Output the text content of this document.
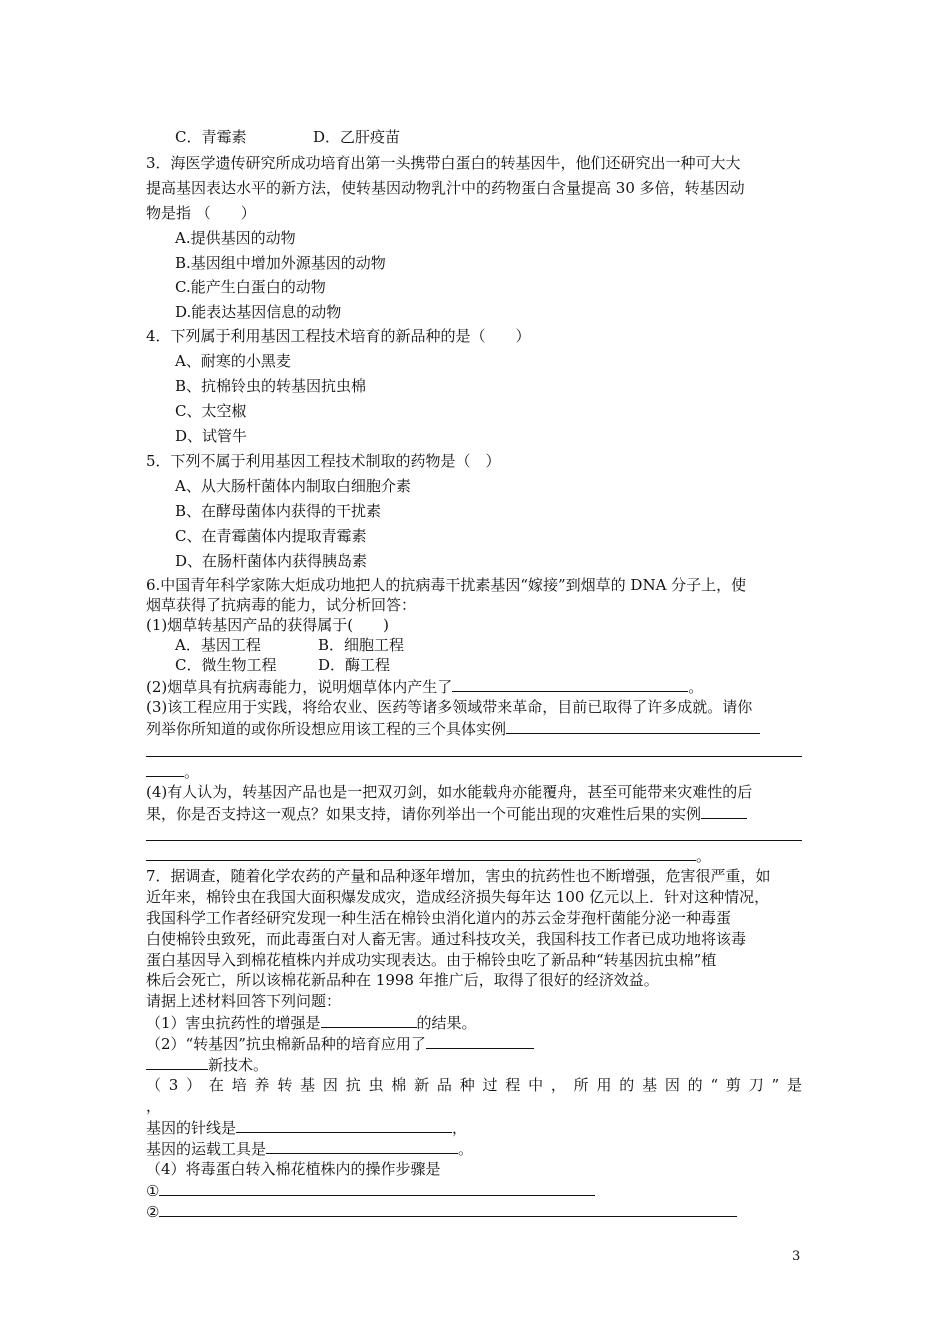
C．青霉素	D．乙肝疫苗
3．海医学遗传研究所成功培育出第一头携带白蛋白的转基因牛，他们还研究出一种可大大
提高基因表达水平的新方法，使转基因动物乳汁中的药物蛋白含量提高 30 多倍，转基因动
物是指 （　　）
A.提供基因的动物
B.基因组中增加外源基因的动物
C.能产生白蛋白的动物
D.能表达基因信息的动物
4．下列属于利用基因工程技术培育的新品种的是（　　）
A、耐寒的小黑麦
B、抗棉铃虫的转基因抗虫棉
C、太空椒
D、试管牛
5．下列不属于利用基因工程技术制取的药物是（　）
A、从大肠杆菌体内制取白细胞介素
B、在酵母菌体内获得的干扰素
C、在青霉菌体内提取青霉素
D、在肠杆菌体内获得胰岛素
6.中国青年科学家陈大炬成功地把人的抗病毒干扰素基因“嫁接”到烟草的 DNA 分子上，使
烟草获得了抗病毒的能力，试分析回答：
(1)烟草转基因产品的获得属于(　　)
A．基因工程	B．细胞工程
C．微生物工程	D．酶工程
(2)烟草具有抗病毒能力，说明烟草体内产生了	。
(3)该工程应用于实践，将给农业、医药等诸多领域带来革命，目前已取得了许多成就。请你
列举你所知道的或你所设想应用该工程的三个具体实例
。
(4)有人认为，转基因产品也是一把双刃剑，如水能载舟亦能覆舟，甚至可能带来灾难性的后
果，你是否支持这一观点？如果支持，请你列举出一个可能出现的灾难性后果的实例
。
7．据调查，随着化学农药的产量和品种逐年增加，害虫的抗药性也不断增强，危害很严重，如
近年来，棉铃虫在我国大面积爆发成灾，造成经济损失每年达 100 亿元以上．针对这种情况，
我国科学工作者经研究发现一种生活在棉铃虫消化道内的苏云金芽孢杆菌能分泌一种毒蛋
白使棉铃虫致死，而此毒蛋白对人畜无害。通过科技攻关，我国科技工作者已成功地将该毒
蛋白基因导入到棉花植株内并成功实现表达。由于棉铃虫吃了新品种“转基因抗虫棉”植
株后会死亡，所以该棉花新品种在 1998 年推广后，取得了很好的经济效益。
请据上述材料回答下列问题：
（1）害虫抗药性的增强是	的结果。
（2）“转基因”抗虫棉新品种的培育应用了
新技术。
（3）在培养转基因抗虫棉新品种过程中，所用的基因的“剪刀”是
，
基因的针线是	，
基因的运载工具是	。
（4）将毒蛋白转入棉花植株内的操作步骤是
①
②
3
